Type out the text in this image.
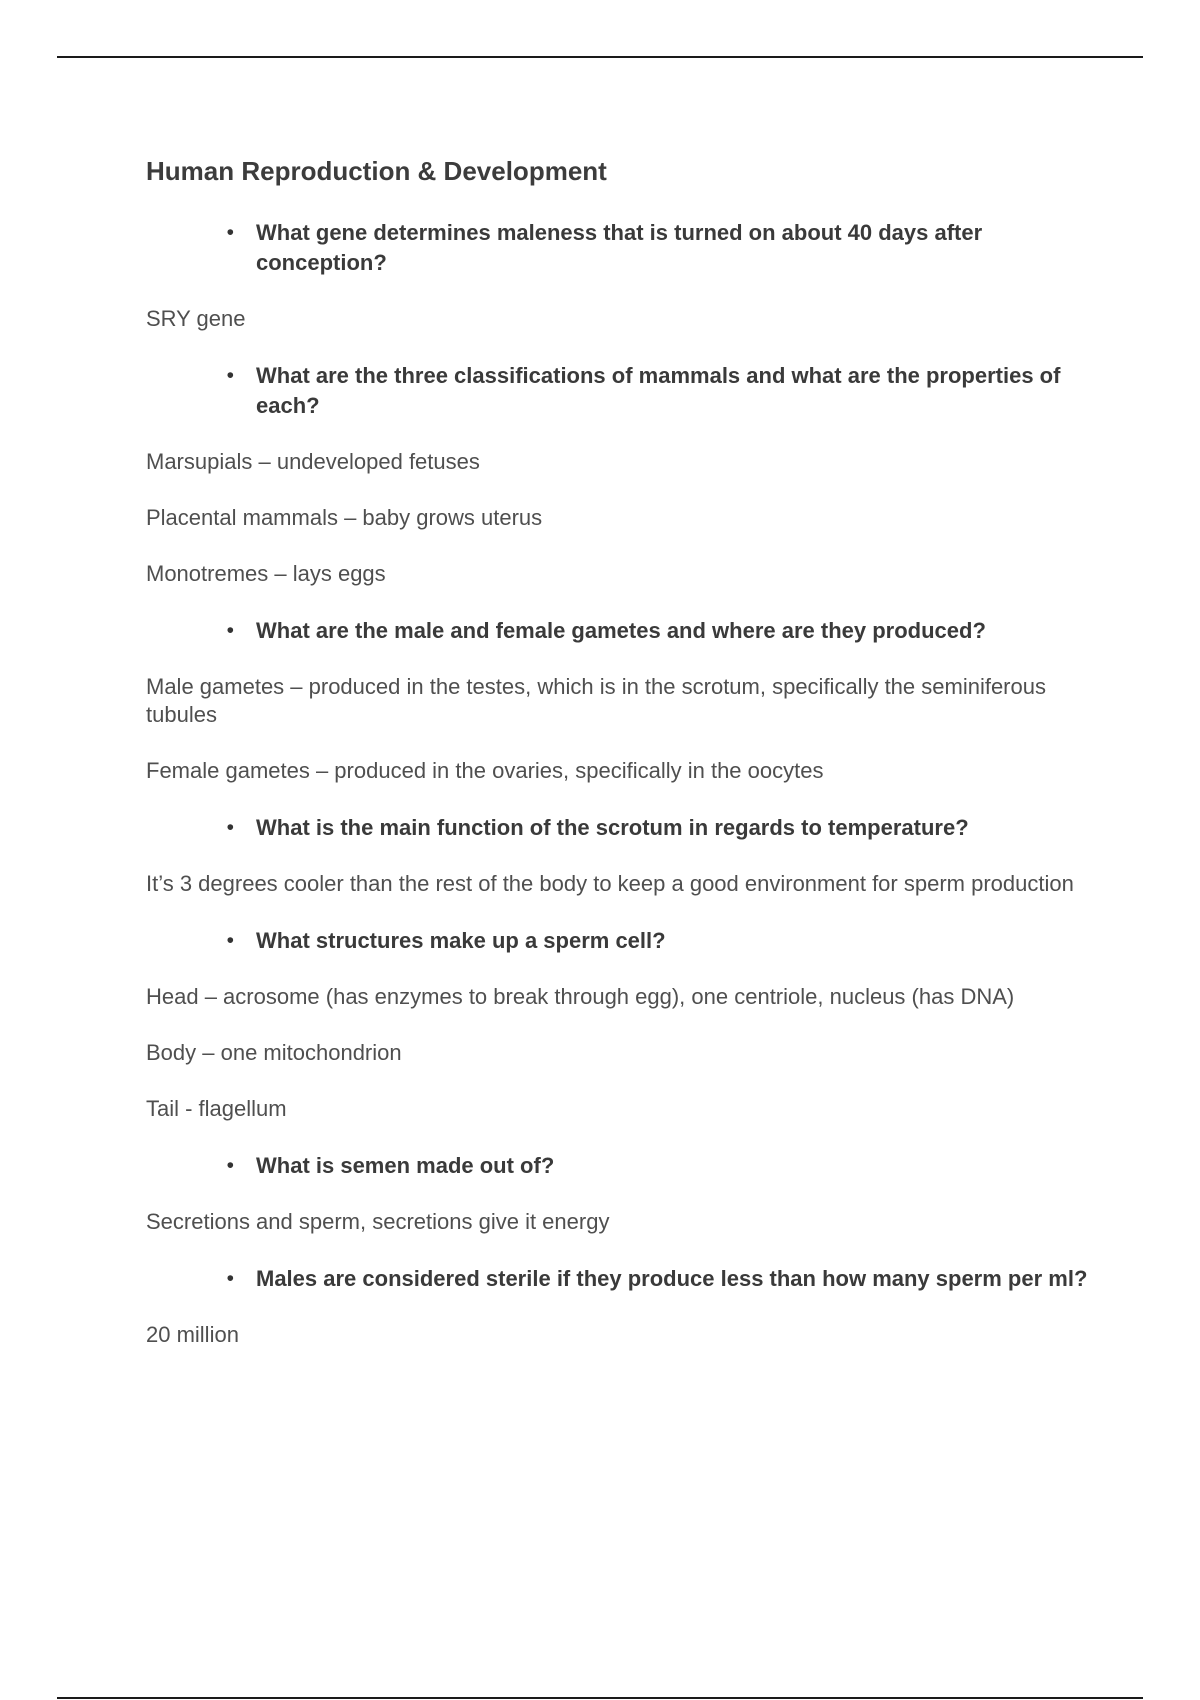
Human Reproduction & Development
•	What gene determines maleness that is turned on about 40 days after conception?
SRY gene
•	What are the three classifications of mammals and what are the properties of each?
Marsupials – undeveloped fetuses
Placental mammals – baby grows uterus
Monotremes – lays eggs
•	What are the male and female gametes and where are they produced?
Male gametes – produced in the testes, which is in the scrotum, specifically the seminiferous tubules
Female gametes – produced in the ovaries, specifically in the oocytes
•	What is the main function of the scrotum in regards to temperature?
It’s 3 degrees cooler than the rest of the body to keep a good environment for sperm production
•	What structures make up a sperm cell?
Head – acrosome (has enzymes to break through egg), one centriole, nucleus (has DNA)
Body – one mitochondrion
Tail - flagellum
•	What is semen made out of?
Secretions and sperm, secretions give it energy
•	Males are considered sterile if they produce less than how many sperm per ml?
20 million
